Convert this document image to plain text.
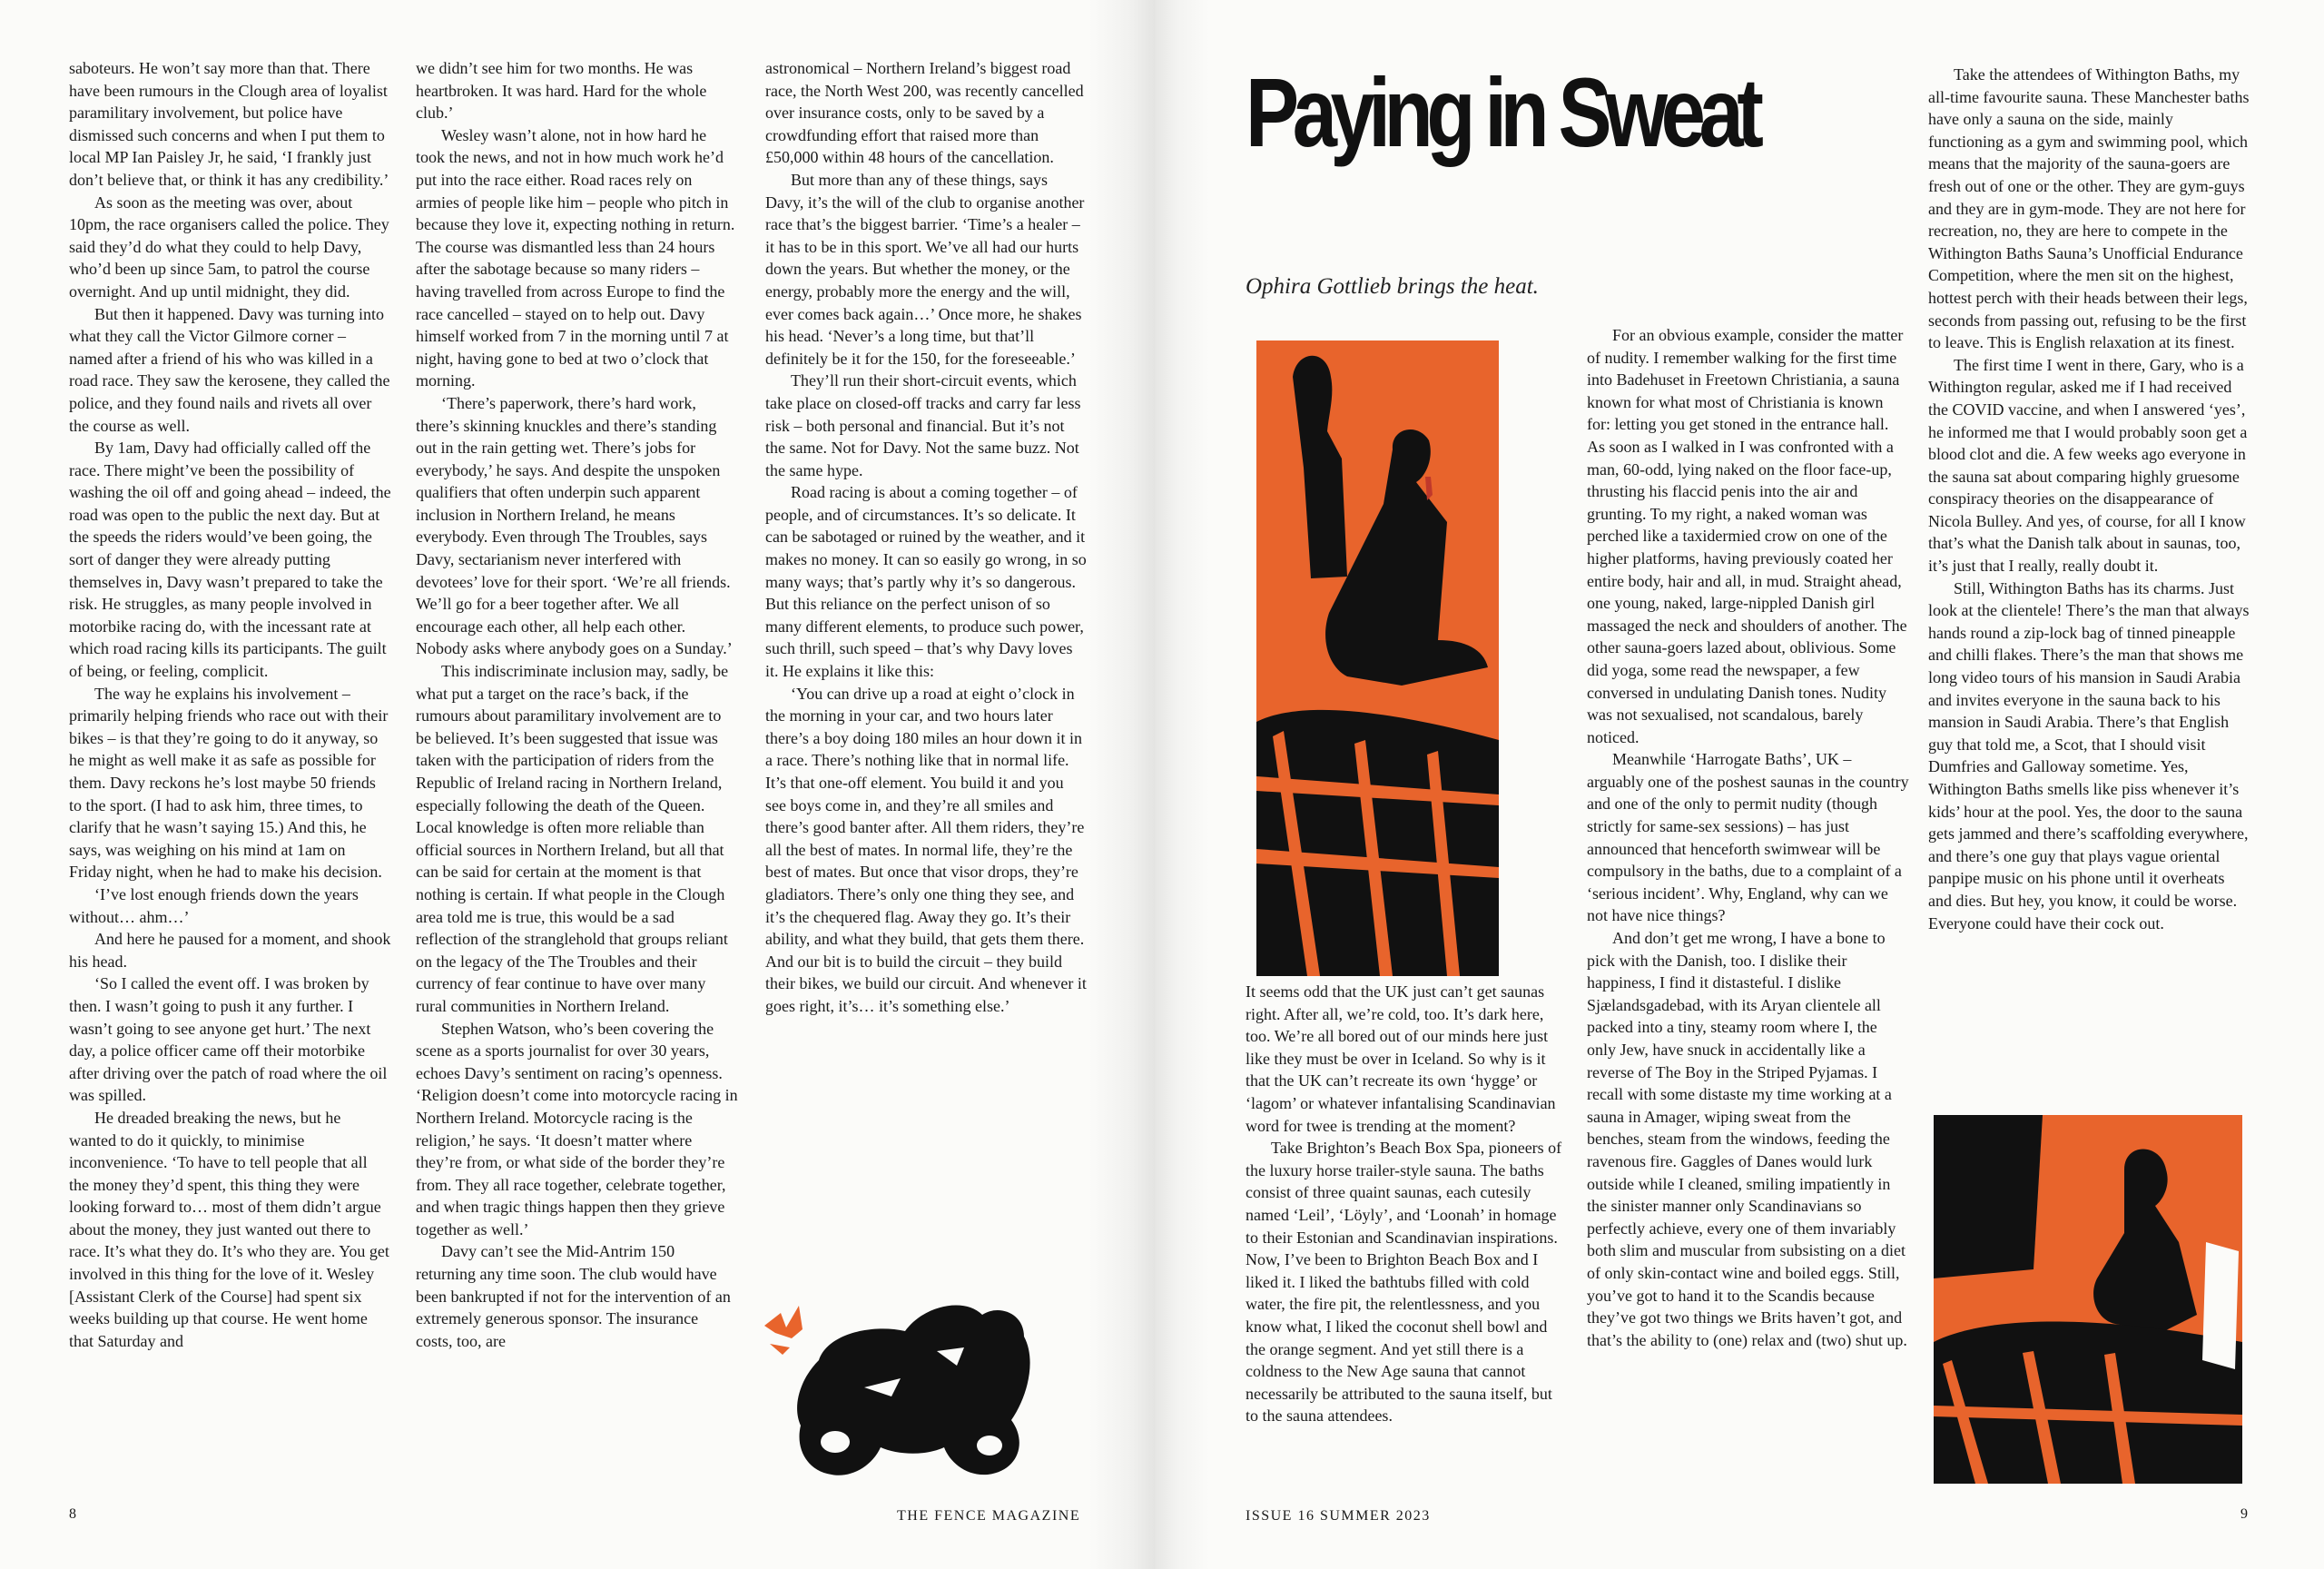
saboteurs. He won’t say more than that. There have been rumours in the Clough area of loyalist paramilitary involvement, but police have dismissed such concerns and when I put them to local MP Ian Paisley Jr, he said, ‘I frankly just don’t believe that, or think it has any credibility.’

As soon as the meeting was over, about 10pm, the race organisers called the police. They said they’d do what they could to help Davy, who’d been up since 5am, to patrol the course overnight. And up until midnight, they did.

But then it happened. Davy was turning into what they call the Victor Gilmore corner – named after a friend of his who was killed in a road race. They saw the kerosene, they called the police, and they found nails and rivets all over the course as well.

By 1am, Davy had officially called off the race. There might’ve been the possibility of washing the oil off and going ahead – indeed, the road was open to the public the next day. But at the speeds the riders would’ve been going, the sort of danger they were already putting themselves in, Davy wasn’t prepared to take the risk. He struggles, as many people involved in motorbike racing do, with the incessant rate at which road racing kills its participants. The guilt of being, or feeling, complicit.

The way he explains his involvement – primarily helping friends who race out with their bikes – is that they’re going to do it anyway, so he might as well make it as safe as possible for them. Davy reckons he’s lost maybe 50 friends to the sport. (I had to ask him, three times, to clarify that he wasn’t saying 15.) And this, he says, was weighing on his mind at 1am on Friday night, when he had to make his decision.

‘I’ve lost enough friends down the years without… ahm…’

And here he paused for a moment, and shook his head.

‘So I called the event off. I was broken by then. I wasn’t going to push it any further. I wasn’t going to see anyone get hurt.’ The next day, a police officer came off their motorbike after driving over the patch of road where the oil was spilled.

He dreaded breaking the news, but he wanted to do it quickly, to minimise inconvenience. ‘To have to tell people that all the money they’d spent, this thing they were looking forward to… most of them didn’t argue about the money, they just wanted out there to race. It’s what they do. It’s who they are. You get involved in this thing for the love of it. Wesley [Assistant Clerk of the Course] had spent six weeks building up that course. He went home that Saturday and

we didn’t see him for two months. He was heartbroken. It was hard. Hard for the whole club.’

Wesley wasn’t alone, not in how hard he took the news, and not in how much work he’d put into the race either. Road races rely on armies of people like him – people who pitch in because they love it, expecting nothing in return. The course was dismantled less than 24 hours after the sabotage because so many riders – having travelled from across Europe to find the race cancelled – stayed on to help out. Davy himself worked from 7 in the morning until 7 at night, having gone to bed at two o’clock that morning.

‘There’s paperwork, there’s hard work, there’s skinning knuckles and there’s standing out in the rain getting wet. There’s jobs for everybody,’ he says. And despite the unspoken qualifiers that often underpin such apparent inclusion in Northern Ireland, he means everybody. Even through The Troubles, says Davy, sectarianism never interfered with devotees’ love for their sport. ‘We’re all friends. We’ll go for a beer together after. We all encourage each other, all help each other. Nobody asks where anybody goes on a Sunday.’

This indiscriminate inclusion may, sadly, be what put a target on the race’s back, if the rumours about paramilitary involvement are to be believed. It’s been suggested that issue was taken with the participation of riders from the Republic of Ireland racing in Northern Ireland, especially following the death of the Queen. Local knowledge is often more reliable than official sources in Northern Ireland, but all that can be said for certain at the moment is that nothing is certain. If what people in the Clough area told me is true, this would be a sad reflection of the stranglehold that groups reliant on the legacy of the The Troubles and their currency of fear continue to have over many rural communities in Northern Ireland.

Stephen Watson, who’s been covering the scene as a sports journalist for over 30 years, echoes Davy’s sentiment on racing’s openness. ‘Religion doesn’t come into motorcycle racing in Northern Ireland. Motorcycle racing is the religion,’ he says. ‘It doesn’t matter where they’re from, or what side of the border they’re from. They all race together, celebrate together, and when tragic things happen then they grieve together as well.’

Davy can’t see the Mid-Antrim 150 returning any time soon. The club would have been bankrupted if not for the intervention of an extremely generous sponsor. The insurance costs, too, are

astronomical – Northern Ireland’s biggest road race, the North West 200, was recently cancelled over insurance costs, only to be saved by a crowdfunding effort that raised more than £50,000 within 48 hours of the cancellation.

But more than any of these things, says Davy, it’s the will of the club to organise another race that’s the biggest barrier. ‘Time’s a healer – it has to be in this sport. We’ve all had our hurts down the years. But whether the money, or the energy, probably more the energy and the will, ever comes back again…’ Once more, he shakes his head. ‘Never’s a long time, but that’ll definitely be it for the 150, for the foreseeable.’

They’ll run their short-circuit events, which take place on closed-off tracks and carry far less risk – both personal and financial. But it’s not the same. Not for Davy. Not the same buzz. Not the same hype.

Road racing is about a coming together – of people, and of circumstances. It’s so delicate. It can be sabotaged or ruined by the weather, and it makes no money. It can so easily go wrong, in so many ways; that’s partly why it’s so dangerous. But this reliance on the perfect unison of so many different elements, to produce such power, such thrill, such speed – that’s why Davy loves it. He explains it like this:

‘You can drive up a road at eight o’clock in the morning in your car, and two hours later there’s a boy doing 180 miles an hour down it in a race. There’s nothing like that in normal life. It’s that one-off element. You build it and you see boys come in, and they’re all smiles and there’s good banter after. All them riders, they’re all the best of mates. In normal life, they’re the best of mates. But once that visor drops, they’re gladiators. There’s only one thing they see, and it’s the chequered flag. Away they go. It’s their ability, and what they build, that gets them there. And our bit is to build the circuit – they build their bikes, we build our circuit. And whenever it goes right, it’s… it’s something else.’

8	THE FENCE MAGAZINE
Paying in Sweat

Ophira Gottlieb brings the heat.

It seems odd that the UK just can’t get saunas right. After all, we’re cold, too. It’s dark here, too. We’re all bored out of our minds here just like they must be over in Iceland. So why is it that the UK can’t recreate its own ‘hygge’ or ‘lagom’ or whatever infantalising Scandinavian word for twee is trending at the moment?

Take Brighton’s Beach Box Spa, pioneers of the luxury horse trailer-style sauna. The baths consist of three quaint saunas, each cutesily named ‘Leil’, ‘Löyly’, and ‘Loonah’ in homage to their Estonian and Scandinavian inspirations. Now, I’ve been to Brighton Beach Box and I liked it. I liked the bathtubs filled with cold water, the fire pit, the relentlessness, and you know what, I liked the coconut shell bowl and the orange segment. And yet still there is a coldness to the New Age sauna that cannot necessarily be attributed to the sauna itself, but to the sauna attendees.

For an obvious example, consider the matter of nudity. I remember walking for the first time into Badehuset in Freetown Christiania, a sauna known for what most of Christiania is known for: letting you get stoned in the entrance hall. As soon as I walked in I was confronted with a man, 60-odd, lying naked on the floor face-up, thrusting his flaccid penis into the air and grunting. To my right, a naked woman was perched like a taxidermied crow on one of the higher platforms, having previously coated her entire body, hair and all, in mud. Straight ahead, one young, naked, large-nippled Danish girl massaged the neck and shoulders of another. The other sauna-goers lazed about, oblivious. Some did yoga, some read the newspaper, a few conversed in undulating Danish tones. Nudity was not sexualised, not scandalous, barely noticed.

Meanwhile ‘Harrogate Baths’, UK – arguably one of the poshest saunas in the country and one of the only to permit nudity (though strictly for same-sex sessions) – has just announced that henceforth swimwear will be compulsory in the baths, due to a complaint of a ‘serious incident’. Why, England, why can we not have nice things?

And don’t get me wrong, I have a bone to pick with the Danish, too. I dislike their happiness, I find it distasteful. I dislike Sjælandsgadebad, with its Aryan clientele all packed into a tiny, steamy room where I, the only Jew, have snuck in accidentally like a reverse of The Boy in the Striped Pyjamas. I recall with some distaste my time working at a sauna in Amager, wiping sweat from the benches, steam from the windows, feeding the ravenous fire. Gaggles of Danes would lurk outside while I cleaned, smiling impatiently in the sinister manner only Scandinavians so perfectly achieve, every one of them invariably both slim and muscular from subsisting on a diet of only skin-contact wine and boiled eggs. Still, you’ve got to hand it to the Scandis because they’ve got two things we Brits haven’t got, and that’s the ability to (one) relax and (two) shut up.

Take the attendees of Withington Baths, my all-time favourite sauna. These Manchester baths have only a sauna on the side, mainly functioning as a gym and swimming pool, which means that the majority of the sauna-goers are fresh out of one or the other. They are gym-guys and they are in gym-mode. They are not here for recreation, no, they are here to compete in the Withington Baths Sauna’s Unofficial Endurance Competition, where the men sit on the highest, hottest perch with their heads between their legs, seconds from passing out, refusing to be the first to leave. This is English relaxation at its finest.

The first time I went in there, Gary, who is a Withington regular, asked me if I had received the COVID vaccine, and when I answered ‘yes’, he informed me that I would probably soon get a blood clot and die. A few weeks ago everyone in the sauna sat about comparing highly gruesome conspiracy theories on the disappearance of Nicola Bulley. And yes, of course, for all I know that’s what the Danish talk about in saunas, too, it’s just that I really, really doubt it.

Still, Withington Baths has its charms. Just look at the clientele! There’s the man that always hands round a zip-lock bag of tinned pineapple and chilli flakes. There’s the man that shows me long video tours of his mansion in Saudi Arabia and invites everyone in the sauna back to his mansion in Saudi Arabia. There’s that English guy that told me, a Scot, that I should visit Dumfries and Galloway sometime. Yes, Withington Baths smells like piss whenever it’s kids’ hour at the pool. Yes, the door to the sauna gets jammed and there’s scaffolding everywhere, and there’s one guy that plays vague oriental panpipe music on his phone until it overheats and dies. But hey, you know, it could be worse. Everyone could have their cock out.

ISSUE 16 SUMMER 2023	9
